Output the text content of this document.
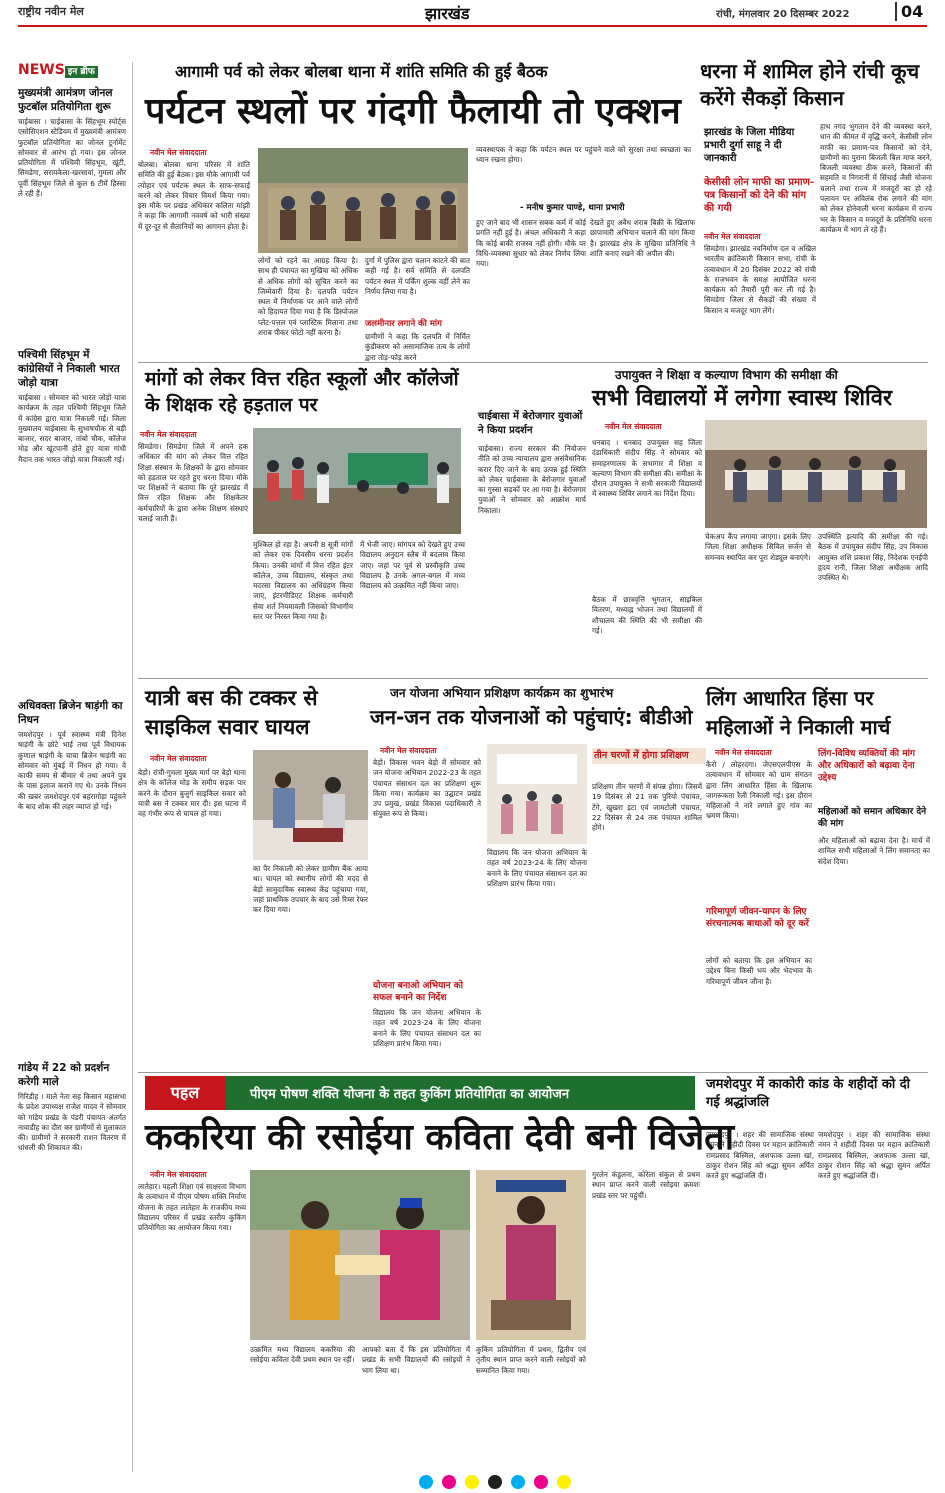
राष्ट्रीय नवीन मेल	झारखंड	रांची, मंगलवार 20 दिसम्बर 2022	04
NEWS इन ब्रीफ
मुख्यमंत्री आमंत्रण जोनल फुटबॉल प्रतियोगिता शुरू
चाईबासा । चाईबासा के सिंहभूम स्पोर्ट्स एसोसिएशन स्टेडियम में मुख्यमंत्री आमंत्रण फुटबॉल प्रतियोगिता का जोनल टूर्नामेंट सोमवार से आरंभ हो गया। इस जोनल प्रतियोगिता में पश्चिमी सिंहभूम, खूंटी, सिमडेगा, सरायकेला-खरसावां, गुमला और पूर्वी सिंहभूम जिले से कुल 6 टीमें हिस्सा ले रही हैं।
पश्चिमी सिंहभूम में कांग्रेसियों ने निकाली भारत जोड़ो यात्रा
चाईबासा । सोमवार को भारत जोड़ो यात्रा कार्यक्रम के तहत पश्चिमी सिंहभूम जिले में कांग्रेस द्वारा यात्रा निकाली गई। जिला मुख्यालय चाईबासा के सुभाषचौक से बड़ी बाजार, सदर बाजार, तांबो चौक, कॉलेज मोड़ और खूंटपानी होते हुए यात्रा गांधी मैदान तक भारत जोड़ो यात्रा निकाली गई।
अधिवक्ता ब्रिजेन षाड़ंगी का निधन
जमशेदपुर । पूर्व स्वास्थ्य मंत्री दिनेश षाड़ंगी के छोटे भाई तथा पूर्व विधायक कुणाल षाड़ंगी के चाचा ब्रिजेन षाड़ंगी का सोमवार को मुंबई में निधन हो गया। वे काफी समय से बीमार थे तथा अपने पुत्र के पास इलाज कराने गए थे। उनके निधन की खबर जमशेदपुर एवं बहरागोड़ा पहुंचने के बाद शोक की लहर व्याप्त हो गई।
गांडेय में 22 को प्रदर्शन करेगी माले
गिरिडीह । माले नेता सह किसान महासभा के प्रदेश उपाध्यक्ष राजेश यादव ने सोमवार को गांडेय प्रखंड के पंडरी पंचायत अंतर्गत नावाडीह का दौरा कर ग्रामीणों से मुलाकात की। ग्रामीणों ने सरकारी राशन वितरण में धांधली की शिकायत की।
आगामी पर्व को लेकर बोलबा थाना में शांति समिति की हुई बैठक
पर्यटन स्थलों पर गंदगी फैलायी तो एक्शन
नवीन मेल संवाददाता
बोलबा। बोलबा थाना परिसर में शांति समिति की हुई बैठक। इस मौके आगामी पर्व त्योहार एवं पर्यटक स्थल के साफ-सफाई करने को लेकर विचार विमर्श किया गया। इस मौके पर प्रखंड अधिकार कलिता मांझी ने कहा कि आगामी नववर्ष को भारी संख्या में दूर-दूर से सैलानियों का आगमन होता है।
लोगों को रहने का आग्रह किया है। साथ ही पंचायत का मुखिया को अधिक से अधिक लोगों को सूचित करने का जिम्मेवारी दिया है। दलपति पर्यटन स्थल में निर्माणक पर आने वाले लोगों को हिदायत दिया गया है कि डिस्पोजल प्लेट-पत्तल एवं प्लास्टिक मिलाना तथा शराब पीकर फोटो नहीं करना है।
दुर्गा में पुलिस द्वारा चलान काटने की बात कही गई है। सर्व समिति से दलपति पर्यटन स्थल में पर्किंग शुल्क वहीं लेने का निर्णय लिया गया है।
जलमीनार लगाने की मांग
ग्रामीणों ने कहा कि दलपति में निर्मित कुंडीकरण को असामाजिक तत्व के लोगों द्वारा तोड़-फोड़ करने
व्यवस्थापक ने कहा कि पर्यटन स्थल पर पहुंचने वाले को सुरक्षा तथा स्वच्छता का ध्यान रखना होगा।
- मनीष कुमार पाण्डे, थाना प्रभारी
हुए जाने बाद भी शासन सबक कर्म में कोई प्रगति नहीं हुई है। अंचल अधिकारी ने कहा कि कोई बाकी राजस्व नहीं होगी। मौके पर विधि-व्यवस्था सुधार को लेकर निर्णय लिया गया।
देखते हुए अवैध शराब बिक्री के खिलाफ छापामारी अभियान चलाने की मांग किया है। झारखंड क्षेत्र के मुखिया प्रतिनिधि ने शांति बनाए रखने की अपील की।
धरना में शामिल होने रांची कूच करेंगे सैकड़ों किसान
झारखंड के जिला मीडिया प्रभारी दुर्गा साहू ने दी जानकारी
केसीसी लोन माफी का प्रमाण-पत्र किसानों को देने की मांग की गयी
नवीन मेल संवाददाता
सिमडेगा। झारखंड नवनिर्माण दल व अखिल भारतीय क्रांतिकारी किसान सभा, रांची के तत्वावधान में 20 दिसंबर 2022 को रांची के राजभवन के समक्ष आयोजित धरना कार्यक्रम को तैयारी पूरी कर ली गई है। सिमडेगा जिला से सैकड़ों की संख्या में किसान व मजदूर भाग लेंगे।
हाथ नगद भुगतान देने की व्यवस्था करने, धान की कीमत में वृद्धि करने, केसीसी लोन माफी का प्रमाण-पत्र किसानों को देने, ग्रामीणों का पुराना बिजली बिल माफ करने, बिजली व्यवस्था ठीक करने, किसानों की सहमति व निगरानी में सिंचाई जैसी योजना चलाने तथा राज्य में मजदूरों का हो रहे पलायन पर अविलंब रोक लगाने की मांग को लेकर होनेवाली धरना कार्यक्रम में राज्य भर के किसान व मजदूरों के प्रतिनिधि धरना कार्यक्रम में भाग ले रहे हैं।
मांगों को लेकर वित्त रहित स्कूलों और कॉलेजों के शिक्षक रहे हड़ताल पर
नवीन मेल संवाददाता
सिमडेगा। सिमडेगा जिले में अपने हक अधिकार की मांग को लेकर वित्त रहित शिक्षा संस्थान के शिक्षकों के द्वारा सोमवार को हड़ताल पर रहते हुए धरना दिया। मौके पर शिक्षकों ने बताया कि पूरे झारखंड में वित्त रहित शिक्षक और शिक्षकेतर कर्मचारियों के द्वारा अनेक शिक्षण संस्थाएं चलाई जाती हैं।
मुश्किल हो रहा है। अपनी 8 सूत्री मांगों को लेकर एक दिवसीय धरना प्रदर्शन किया। उनकी मांगों में वित्त रहित इंटर कॉलेज, उच्च विद्यालय, संस्कृत तथा मदरसा विद्यालय का अधिग्रहण किया जाए, इंटरमीडिएट शिक्षक कर्मचारी सेवा शर्त नियमावली जिसको विभागीय स्तर पर निरस्त किया गया है।
में भेजी जाए। मांगपत्र को देखते हुए उच्च विद्यालय अनुदान स्लैब में बदलाव किया जाए। जहां पर पूर्व से प्रस्वीकृति उच्च विद्यालय है उनके अगल-बगल में मध्य विद्यालय को उत्क्रमित नहीं किया जाए।
चाईबासा में बेरोजगार युवाओं ने किया प्रदर्शन
चाईबासा। राज्य सरकार की नियोजन नीति को उच्च न्यायालय द्वारा असंवैधानिक करार दिए जाने के बाद उत्पन्न हुई स्थिति को लेकर चाईबासा के बेरोजगार युवाओं का गुस्सा सड़कों पर आ गया है। बेरोजगार युवाओं ने सोमवार को आक्रोश मार्च निकाला।
उपायुक्त ने शिक्षा व कल्याण विभाग की समीक्षा की
सभी विद्यालयों में लगेगा स्वास्थ शिविर
नवीन मेल संवाददाता
धनबाद । धनबाद उपायुक्त सह जिला दंडाधिकारी संदीप सिंह ने सोमवार को समाहरणालय के सभागार में शिक्षा व कल्याण विभाग की समीक्षा की। समीक्षा के दौरान उपायुक्त ने सभी सरकारी विद्यालयों में स्वास्थ्य शिविर लगाने का निर्देश दिया।
बैठक में छात्रवृत्ति भुगतान, साइकिल वितरण, मध्याह्न भोजन तथा विद्यालयों में शौचालय की स्थिति की भी समीक्षा की गई।
चेकअप कैंप लगाया जाएगा। इसके लिए जिला शिक्षा अधीक्षक सिविल सर्जन से समन्वय स्थापित कर पूरा शेड्यूल बनाएंगे।
उपस्थिति इत्यादि की समीक्षा की गई। बैठक में उपायुक्त संदीप सिंह, उप विकास आयुक्त शशि प्रकाश सिंह, निदेशक एनईपी हृदय रानी, जिला शिक्षा अधीक्षक आदि उपस्थित थे।
यात्री बस की टक्कर से साइकिल सवार घायल
नवीन मेल संवाददाता
बेड़ो। रांची-गुमला मुख्य मार्ग पर बेड़ो थाना क्षेत्र के कॉलेज मोड़ के समीप सड़क पार करने के दौरान बुजुर्ग साइकिल सवार को यात्री बस ने टक्कर मार दी। इस घटना में वह गंभीर रूप से घायल हो गया।
का पैर निकाली को लेकर ग्रामीण बैंक आया था। घायल को स्थानीय लोगों की मदद से बेड़ो सामुदायिक स्वास्थ्य केंद्र पहुंचाया गया, जहां प्राथमिक उपचार के बाद उसे रिम्स रेफर कर दिया गया।
जन योजना अभियान प्रशिक्षण कार्यक्रम का शुभारंभ
जन-जन तक योजनाओं को पहुंचाएं: बीडीओ
नवीन मेल संवाददाता
बेड़ो। विकास भवन बेड़ो में सोमवार को जन योजना अभियान 2022-23 के तहत पंचायत संसाधन दल का प्रशिक्षण शुरू किया गया। कार्यक्रम का उद्घाटन प्रखंड उप प्रमुख, प्रखंड विकास पदाधिकारी ने संयुक्त रूप से किया।
योजना बनाओ अभियान को सफल बनाने का निर्देश
विद्यालय कि जन योजना अभियान के तहत वर्ष 2023-24 के लिए योजना बनाने के लिए पंचायत संसाधन दल का प्रशिक्षण प्रारंभ किया गया।
विद्यालय कि जन योजना अभियान के तहत वर्ष 2023-24 के लिए योजना बनाने के लिए पंचायत संसाधन दल का प्रशिक्षण प्रारंभ किया गया।
तीन चरणों में होगा प्रशिक्षण
प्रशिक्षण तीन चरणों में संपन्न होगा। जिसमें 19 दिसंबर से 21 तक पुरियो पंचायत, टेंगे, खुखरा इटा एवं जामटोली पंचायत, 22 दिसंबर से 24 तक पंचायत शामिल होंगे।
लिंग आधारित हिंसा पर महिलाओं ने निकाली मार्च
नवीन मेल संवाददाता
कैरो / लोहरदगा। जेएसएलपीएस के तत्वावधान में सोमवार को ग्राम संगठन द्वारा लिंग आधारित हिंसा के खिलाफ जागरूकता रैली निकाली गई। इस दौरान महिलाओं ने नारे लगाते हुए गांव का भ्रमण किया।
गरिमापूर्ण जीवन-यापन के लिए संरचनात्मक बाधाओं को दूर करें
लोगों को बताया कि इस अभियान का उद्देश्य बिना किसी भय और भेदभाव के गरिमापूर्ण जीवन जीना है।
लिंग-विविध व्यक्तियों की मांग और अधिकारों को बढ़ावा देना उद्देश्य
महिलाओं को समान अधिकार देने की मांग
और महिलाओं को बढ़ावा देना है। मार्च में शामिल सभी महिलाओं ने लिंग समानता का संदेश दिया।
पहल	पीएम पोषण शक्ति योजना के तहत कुकिंग प्रतियोगिता का आयोजन
ककरिया की रसोईया कविता देवी बनी विजेता
नवीन मेल संवाददाता
लातेहार। पहली शिक्षा एवं साक्षरता विभाग के तत्वाधान में पीएम पोषण शक्ति निर्माण योजना के तहत लातेहार के राजकीय मध्य विद्यालय परिसर में प्रखंड स्तरीय कुकिंग प्रतियोगिता का आयोजन किया गया।
उत्क्रमित मध्य विद्यालय ककरिया की रसोईया कविता देवी प्रथम स्थान पर रहीं।
आपको बता दें कि इस प्रतियोगिता में प्रखंड के सभी विद्यालयों की रसोइयों ने भाग लिया था।
कुकिंग प्रतियोगिता में प्रथम, द्वितीय एवं तृतीय स्थान प्राप्त करने वाली रसोइयों को सम्मानित किया गया।
गुरलेन कंडुलना, कोरेला संकुल से प्रथम स्थान प्राप्त करने वाली रसोइया क्रमशः प्रखंड स्तर पर पहुंचीं।
जमशेदपुर में काकोरी कांड के शहीदों को दी गई श्रद्धांजलि
जमशेदपुर । शहर की सामाजिक संस्था नमन ने शहीदी दिवस पर महान क्रांतिकारी रामप्रसाद बिस्मिल, अशफाक उल्ला खां, ठाकुर रोशन सिंह को श्रद्धा सुमन अर्पित करते हुए श्रद्धांजलि दी।
जमशेदपुर । शहर की सामाजिक संस्था नमन ने शहीदी दिवस पर महान क्रांतिकारी रामप्रसाद बिस्मिल, अशफाक उल्ला खां, ठाकुर रोशन सिंह को श्रद्धा सुमन अर्पित करते हुए श्रद्धांजलि दी।
